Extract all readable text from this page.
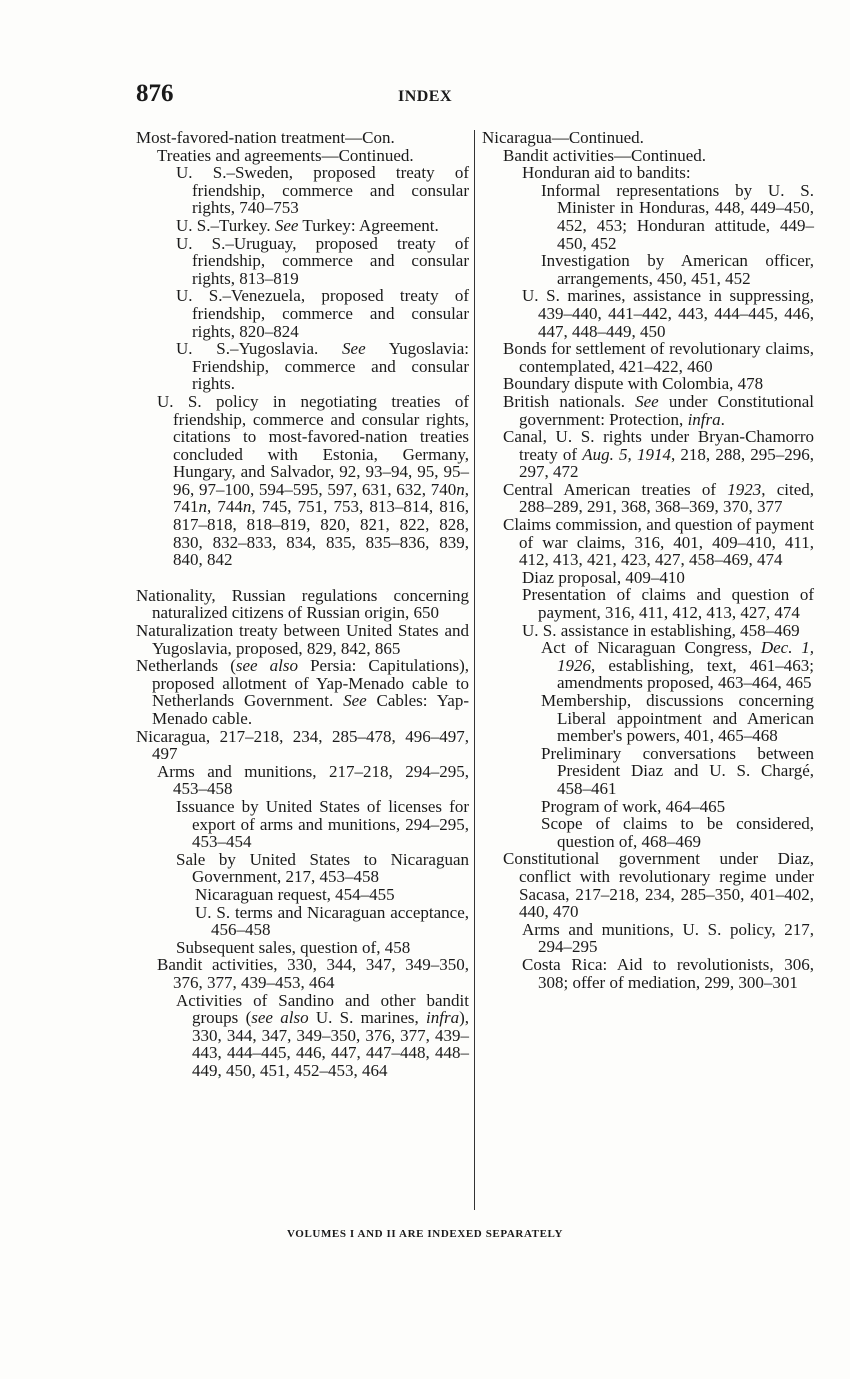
876	INDEX

Most-favored-nation treatment—Con.

Treaties and agreements—Continued.

U. S.–Sweden, proposed treaty of friendship, commerce and consular rights, 740–753

U. S.–Turkey. See Turkey: Agreement.

U. S.–Uruguay, proposed treaty of friendship, commerce and consular rights, 813–819

U. S.–Venezuela, proposed treaty of friendship, commerce and consular rights, 820–824

U. S.–Yugoslavia. See Yugoslavia: Friendship, commerce and consular rights.

U. S. policy in negotiating treaties of friendship, commerce and consular rights, citations to most-favored-nation treaties concluded with Estonia, Germany, Hungary, and Salvador, 92, 93–94, 95, 95–96, 97–100, 594–595, 597, 631, 632, 740n, 741n, 744n, 745, 751, 753, 813–814, 816, 817–818, 818–819, 820, 821, 822, 828, 830, 832–833, 834, 835, 835–836, 839, 840, 842

Nationality, Russian regulations concerning naturalized citizens of Russian origin, 650

Naturalization treaty between United States and Yugoslavia, proposed, 829, 842, 865

Netherlands (see also Persia: Capitulations), proposed allotment of Yap-Menado cable to Netherlands Government. See Cables: Yap-Menado cable.

Nicaragua, 217–218, 234, 285–478, 496–497, 497

Arms and munitions, 217–218, 294–295, 453–458

Issuance by United States of licenses for export of arms and munitions, 294–295, 453–454

Sale by United States to Nicaraguan Government, 217, 453–458

Nicaraguan request, 454–455

U. S. terms and Nicaraguan acceptance, 456–458

Subsequent sales, question of, 458

Bandit activities, 330, 344, 347, 349–350, 376, 377, 439–453, 464

Activities of Sandino and other bandit groups (see also U. S. marines, infra), 330, 344, 347, 349–350, 376, 377, 439–443, 444–445, 446, 447, 447–448, 448–449, 450, 451, 452–453, 464

Nicaragua—Continued.

Bandit activities—Continued.

Honduran aid to bandits:

Informal representations by U. S. Minister in Honduras, 448, 449–450, 452, 453; Honduran attitude, 449–450, 452

Investigation by American officer, arrangements, 450, 451, 452

U. S. marines, assistance in suppressing, 439–440, 441–442, 443, 444–445, 446, 447, 448–449, 450

Bonds for settlement of revolutionary claims, contemplated, 421–422, 460

Boundary dispute with Colombia, 478

British nationals. See under Constitutional government: Protection, infra.

Canal, U. S. rights under Bryan-Chamorro treaty of Aug. 5, 1914, 218, 288, 295–296, 297, 472

Central American treaties of 1923, cited, 288–289, 291, 368, 368–369, 370, 377

Claims commission, and question of payment of war claims, 316, 401, 409–410, 411, 412, 413, 421, 423, 427, 458–469, 474

Diaz proposal, 409–410

Presentation of claims and question of payment, 316, 411, 412, 413, 427, 474

U. S. assistance in establishing, 458–469

Act of Nicaraguan Congress, Dec. 1, 1926, establishing, text, 461–463; amendments proposed, 463–464, 465

Membership, discussions concerning Liberal appointment and American member's powers, 401, 465–468

Preliminary conversations between President Diaz and U. S. Chargé, 458–461

Program of work, 464–465

Scope of claims to be considered, question of, 468–469

Constitutional government under Diaz, conflict with revolutionary regime under Sacasa, 217–218, 234, 285–350, 401–402, 440, 470

Arms and munitions, U. S. policy, 217, 294–295

Costa Rica: Aid to revolutionists, 306, 308; offer of mediation, 299, 300–301

VOLUMES I AND II ARE INDEXED SEPARATELY
